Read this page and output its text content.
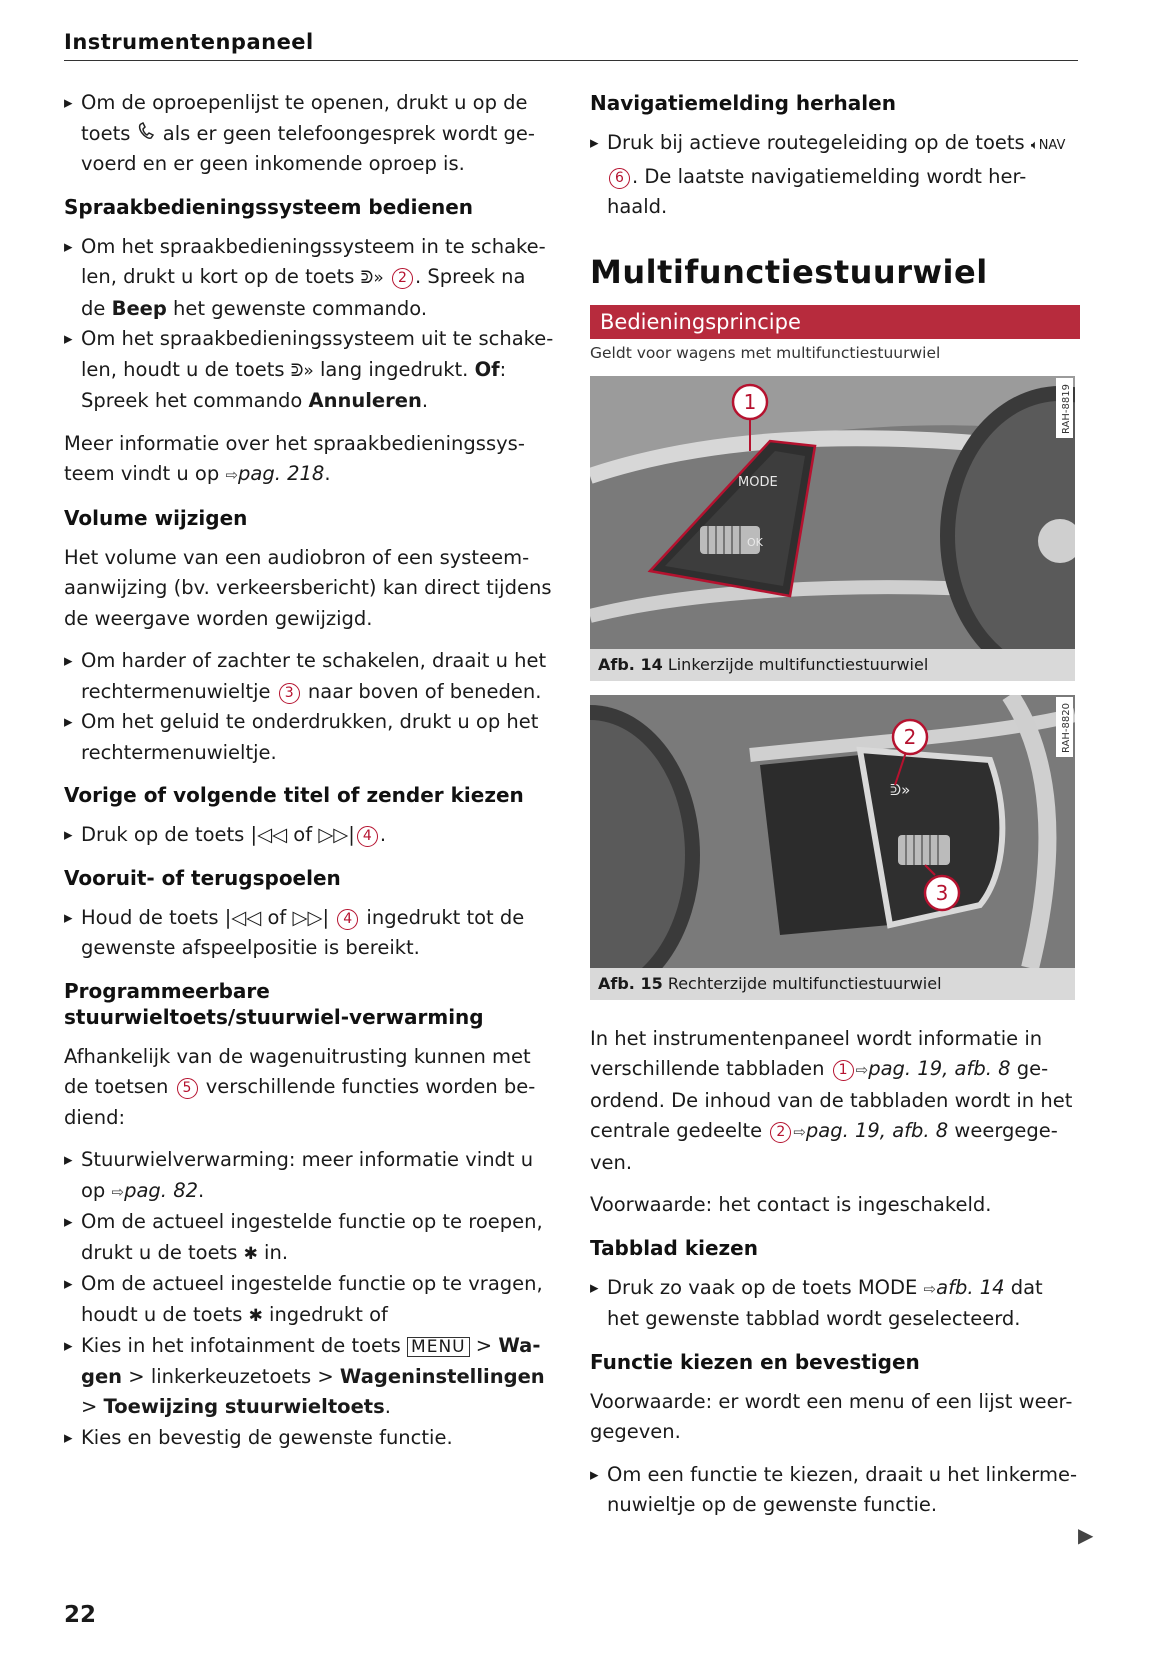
Instrumentenpaneel
▸ Om de oproepenlijst te openen, drukt u op de toets  als er geen telefoongesprek wordt ge-voerd en er geen inkomende oproep is.
Spraakbedieningssysteem bedienen
▸ Om het spraakbedieningssysteem in te schake-len, drukt u kort op de toets ᕲ» 2 . Spreek na de Beep het gewenste commando.
▸ Om het spraakbedieningssysteem uit te schake-len, houdt u de toets ᕲ» lang ingedrukt. Of: Spreek het commando Annuleren.

Meer informatie over het spraakbedieningssys-teem vindt u op ⇨pag. 218.

Volume wijzigen

Het volume van een audiobron of een systeem-aanwijzing (bv. verkeersbericht) kan direct tijdens de weergave worden gewijzigd.

▸ Om harder of zachter te schakelen, draait u het rechtermenuwieltje 3 naar boven of beneden.
▸ Om het geluid te onderdrukken, drukt u op het rechtermenuwieltje.
Vorige of volgende titel of zender kiezen
▸ Druk op de toets |◁◁ of ▷▷| 4 .
Vooruit- of terugspoelen
▸ Houd de toets |◁◁ of ▷▷| 4 ingedrukt tot de gewenste afspeelpositie is bereikt.
Programmeerbare stuurwieltoets/stuurwiel-verwarming

Afhankelijk van de wagenuitrusting kunnen met de toetsen 5 verschillende functies worden be-diend:

▸ Stuurwielverwarming: meer informatie vindt u op ⇨pag. 82.
▸ Om de actueel ingestelde functie op te roepen, drukt u de toets ✱ in.
▸ Om de actueel ingestelde functie op te vragen, houdt u de toets ✱ ingedrukt of
▸ Kies in het infotainment de toets MENU > Wa-gen > linkerkeuzetoets > Wageninstellingen > Toewijzing stuurwieltoets.
▸ Kies en bevestig de gewenste functie.
Navigatiemelding herhalen
▸ Druk bij actieve routegeleiding op de toets 🔈︎NAV 6 . De laatste navigatiemelding wordt her-haald.
Multifunctiestuurwiel
Bedieningsprincipe
Geldt voor wagens met multifunctiestuurwiel
MODE
OK
1	RAH-8819
Afb. 14 Linkerzijde multifunctiestuurwiel
ᕲ»
2
3
RAH-8820
Afb. 15 Rechterzijde multifunctiestuurwiel

In het instrumentenpaneel wordt informatie in verschillende tabbladen 1 ⇨pag. 19, afb. 8 ge-ordend. De inhoud van de tabbladen wordt in het centrale gedeelte 2 ⇨pag. 19, afb. 8 weergege-ven.

Voorwaarde: het contact is ingeschakeld.

Tabblad kiezen
▸ Druk zo vaak op de toets MODE ⇨afb. 14 dat het gewenste tabblad wordt geselecteerd.
Functie kiezen en bevestigen

Voorwaarde: er wordt een menu of een lijst weer-gegeven.

▸ Om een functie te kiezen, draait u het linkerme-nuwieltje op de gewenste functie.
▶
22
